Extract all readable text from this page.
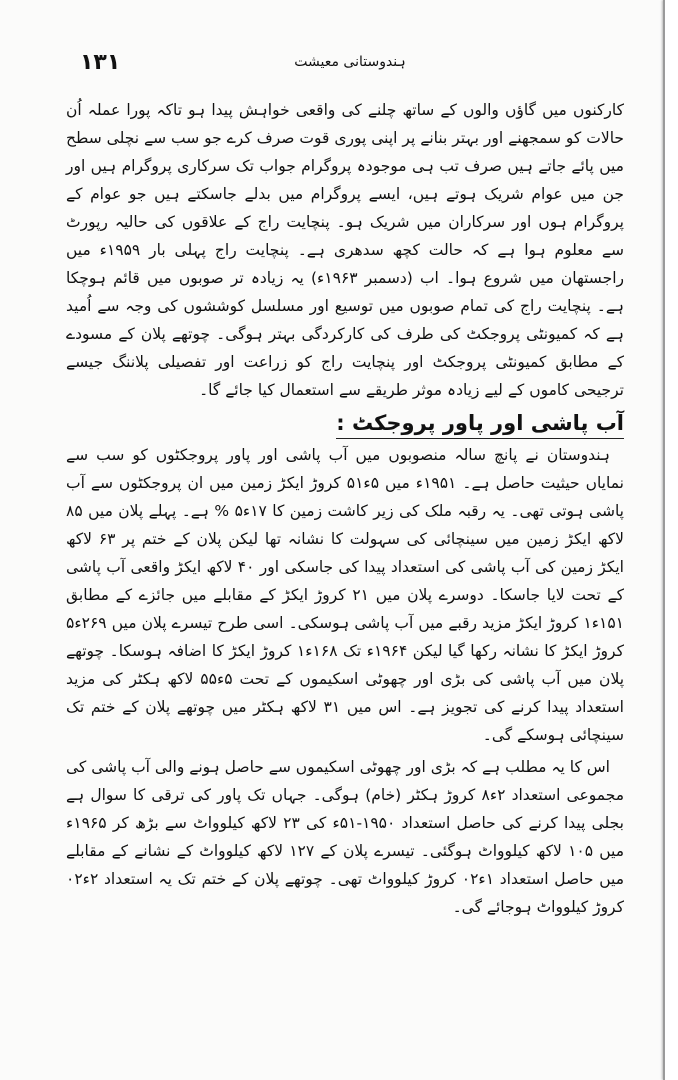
۱۳۱	ہندوستانی معیشت

کارکنوں میں گاؤں والوں کے ساتھ چلنے کی واقعی خواہش پیدا ہو تاکہ پورا عملہ اُن حالات کو سمجھنے اور بہتر بنانے پر اپنی پوری قوت صرف کرے جو سب سے نچلی سطح میں پائے جاتے ہیں صرف تب ہی موجودہ پروگرام جواب تک سرکاری پروگرام ہیں اور جن میں عوام شریک ہوتے ہیں، ایسے پروگرام میں بدلے جاسکتے ہیں جو عوام کے پروگرام ہوں اور سرکاران میں شریک ہو۔ پنچایت راج کے علاقوں کی حالیہ رپورٹ سے معلوم ہوا ہے کہ حالت کچھ سدھری ہے۔ پنچایت راج پہلی بار ۱۹۵۹ء میں راجستھان میں شروع ہوا۔ اب (دسمبر ۱۹۶۳ء) یہ زیادہ تر صوبوں میں قائم ہوچکا ہے۔ پنچایت راج کی تمام صوبوں میں توسیع اور مسلسل کوششوں کی وجہ سے اُمید ہے کہ کمیونٹی پروجکٹ کی طرف کی کارکردگی بہتر ہوگی۔ چوتھے پلان کے مسودے کے مطابق کمیونٹی پروجکٹ اور پنچایت راج کو زراعت اور تفصیلی پلاننگ جیسے ترجیحی کاموں کے لیے زیادہ موثر طریقے سے استعمال کیا جائے گا۔

آب پاشی اور پاور پروجکٹ :

ہندوستان نے پانچ سالہ منصوبوں میں آب پاشی اور پاور پروجکٹوں کو سب سے نمایاں حیثیت حاصل ہے۔ ۱۹۵۱ء میں ۵ء۵۱ کروڑ ایکڑ زمین میں ان پروجکٹوں سے آب پاشی ہوتی تھی۔ یہ رقبہ ملک کی زیر کاشت زمین کا ۱۷ء۵ % ہے۔ پہلے پلان میں ۸۵ لاکھ ایکڑ زمین میں سینچائی کی سہولت کا نشانہ تھا لیکن پلان کے ختم پر ۶۳ لاکھ ایکڑ زمین کی آب پاشی کی استعداد پیدا کی جاسکی اور ۴۰ لاکھ ایکڑ واقعی آب پاشی کے تحت لایا جاسکا۔ دوسرے پلان میں ۲۱ کروڑ ایکڑ کے مقابلے میں جائزے کے مطابق ۱۵۱ء۱ کروڑ ایکڑ مزید رقبے میں آب پاشی ہوسکی۔ اسی طرح تیسرے پلان میں ۲۶۹ء۵ کروڑ ایکڑ کا نشانہ رکھا گیا لیکن ۱۹۶۴ء تک ۱۶۸ء۱ کروڑ ایکڑ کا اضافہ ہوسکا۔ چوتھے پلان میں آب پاشی کی بڑی اور چھوٹی اسکیموں کے تحت ۵ء۵۵ لاکھ ہکٹر کی مزید استعداد پیدا کرنے کی تجویز ہے۔ اس میں ۳۱ لاکھ ہکٹر میں چوتھے پلان کے ختم تک سینچائی ہوسکے گی۔

اس کا یہ مطلب ہے کہ بڑی اور چھوٹی اسکیموں سے حاصل ہونے والی آب پاشی کی مجموعی استعداد ۲ء۸ کروڑ ہکٹر (خام) ہوگی۔ جہاں تک پاور کی ترقی کا سوال ہے بجلی پیدا کرنے کی حاصل استعداد ۱۹۵۰-۵۱ء کی ۲۳ لاکھ کیلوواٹ سے بڑھ کر ۱۹۶۵ء میں ۱۰۵ لاکھ کیلوواٹ ہوگئی۔ تیسرے پلان کے ۱۲۷ لاکھ کیلوواٹ کے نشانے کے مقابلے میں حاصل استعداد ۱ء۰۲ کروڑ کیلوواٹ تھی۔ چوتھے پلان کے ختم تک یہ استعداد ۲ء۰۲ کروڑ کیلوواٹ ہوجائے گی۔
